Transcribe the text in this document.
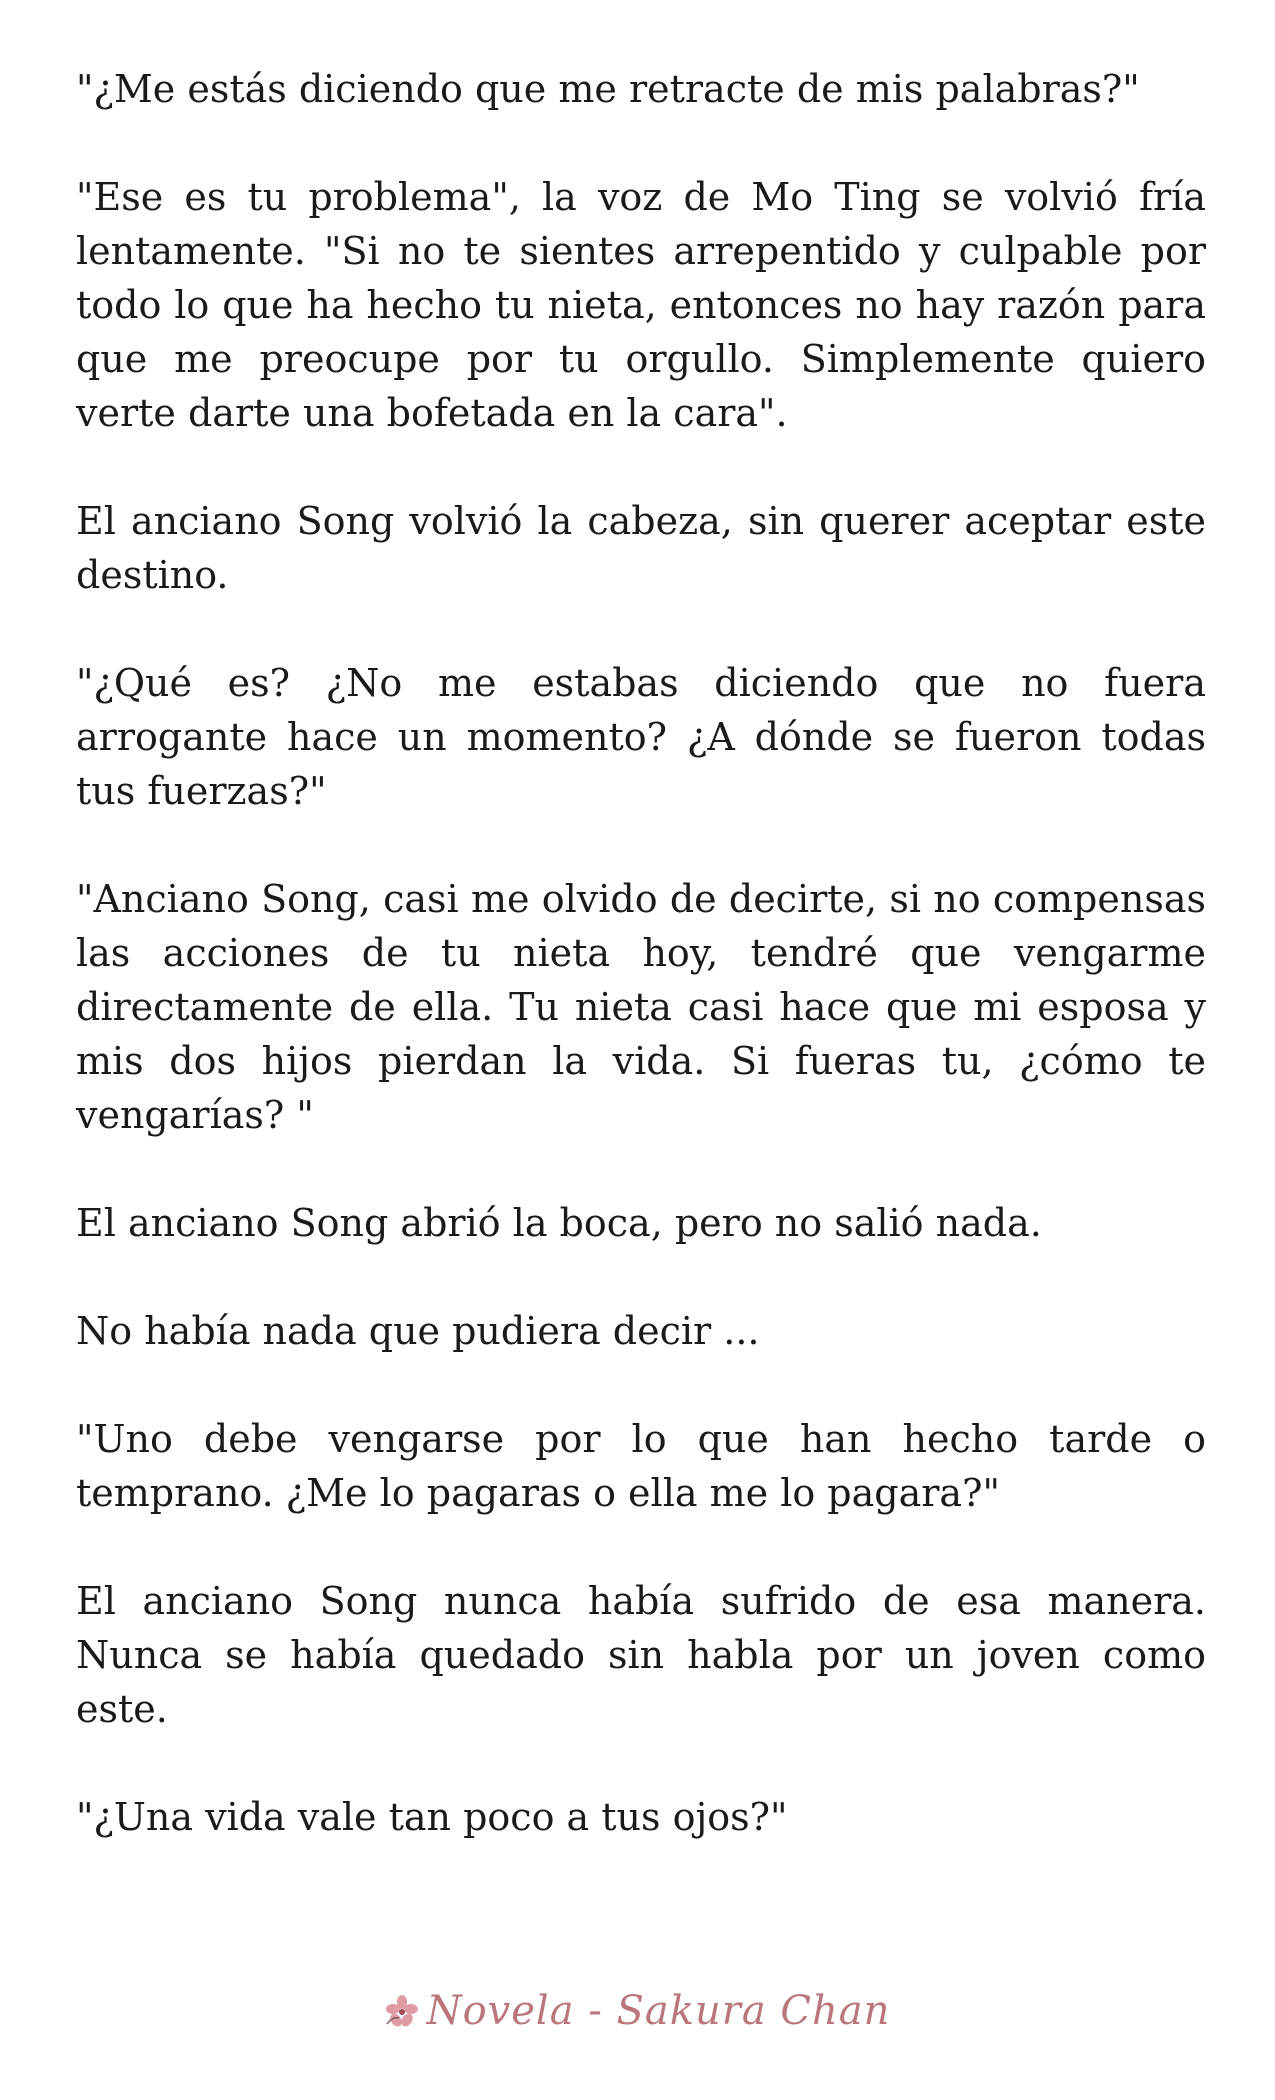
"¿Me estás diciendo que me retracte de mis palabras?"

"Ese es tu problema", la voz de Mo Ting se volvió fría lentamente. "Si no te sientes arrepentido y culpable por todo lo que ha hecho tu nieta, entonces no hay razón para que me preocupe por tu orgullo. Simplemente quiero verte darte una bofetada en la cara".

El anciano Song volvió la cabeza, sin querer aceptar este destino.

"¿Qué es? ¿No me estabas diciendo que no fuera arrogante hace un momento? ¿A dónde se fueron todas tus fuerzas?"

"Anciano Song, casi me olvido de decirte, si no compensas las acciones de tu nieta hoy, tendré que vengarme directamente de ella. Tu nieta casi hace que mi esposa y mis dos hijos pierdan la vida. Si fueras tu, ¿cómo te vengarías? "

El anciano Song abrió la boca, pero no salió nada.

No había nada que pudiera decir ...

"Uno debe vengarse por lo que han hecho tarde o temprano. ¿Me lo pagaras o ella me lo pagara?"

El anciano Song nunca había sufrido de esa manera. Nunca se había quedado sin habla por un joven como este.

"¿Una vida vale tan poco a tus ojos?"

Novela - Sakura Chan
